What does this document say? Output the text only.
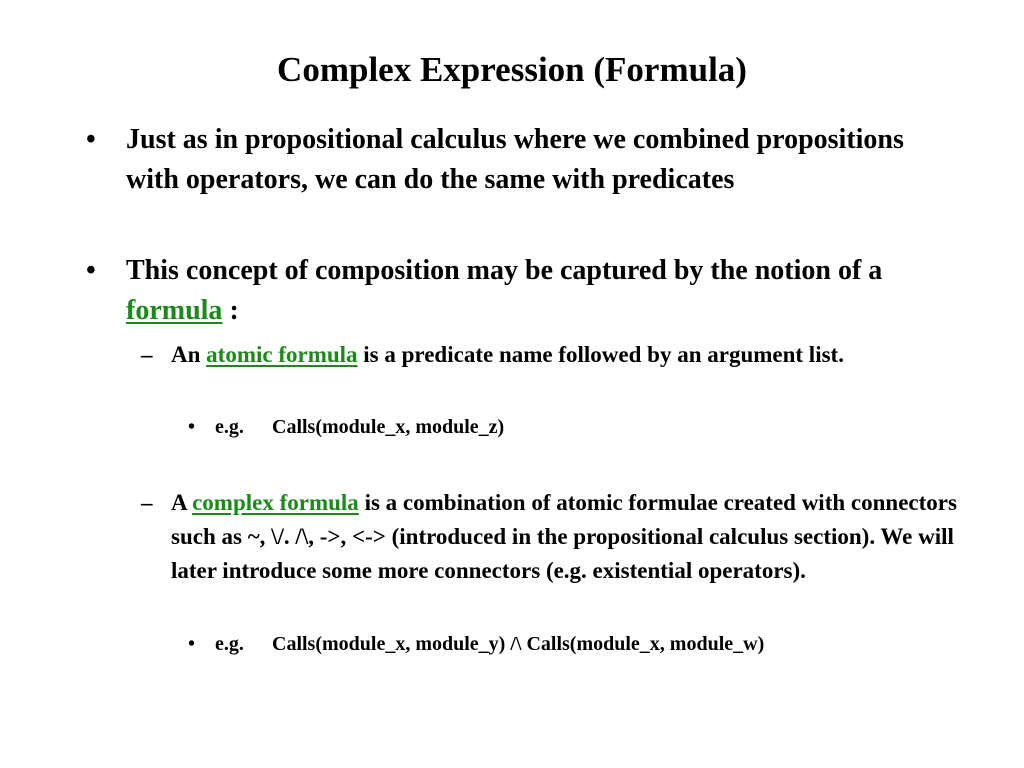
Complex Expression (Formula)
•	Just as in propositional calculus where we combined propositions with operators, we can do the same with predicates
•	This concept of composition may be captured by the notion of a formula :
– An atomic formula is a predicate name followed by an argument list.
• e.g. Calls(module_x, module_z)
– A complex formula is a combination of atomic formulae created with connectors such as ~, \/. /\, ->, <-> (introduced in the propositional calculus section). We will later introduce some more connectors (e.g. existential operators).
• e.g. Calls(module_x, module_y) /\ Calls(module_x, module_w)
